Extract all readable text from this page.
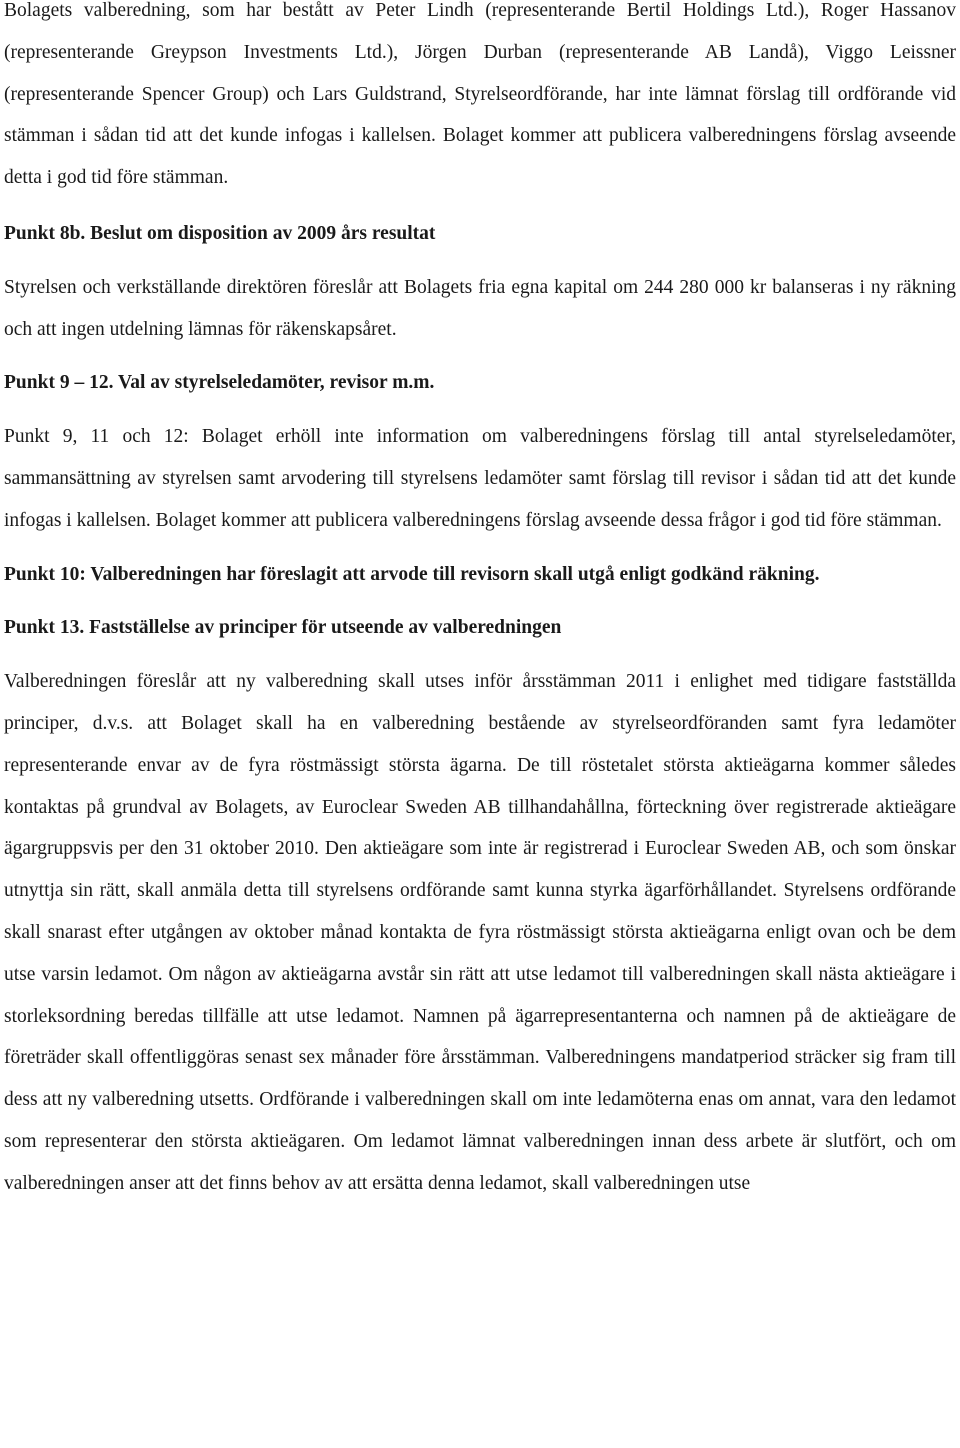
Bolagets valberedning, som har bestått av Peter Lindh (representerande Bertil Holdings Ltd.), Roger Hassanov (representerande Greypson Investments Ltd.), Jörgen Durban (representerande AB Landå), Viggo Leissner (representerande Spencer Group) och Lars Guldstrand, Styrelseordförande, har inte lämnat förslag till ordförande vid stämman i sådan tid att det kunde infogas i kallelsen. Bolaget kommer att publicera valberedningens förslag avseende detta i god tid före stämman.

Punkt 8b. Beslut om disposition av 2009 års resultat

Styrelsen och verkställande direktören föreslår att Bolagets fria egna kapital om 244 280 000 kr balanseras i ny räkning och att ingen utdelning lämnas för räkenskapsåret.

Punkt 9 – 12. Val av styrelseledamöter, revisor m.m.

Punkt 9, 11 och 12: Bolaget erhöll inte information om valberedningens förslag till antal styrelseledamöter, sammansättning av styrelsen samt arvodering till styrelsens ledamöter samt förslag till revisor i sådan tid att det kunde infogas i kallelsen. Bolaget kommer att publicera valberedningens förslag avseende dessa frågor i god tid före stämman.

Punkt 10: Valberedningen har föreslagit att arvode till revisorn skall utgå enligt godkänd räkning.

Punkt 13. Fastställelse av principer för utseende av valberedningen

Valberedningen föreslår att ny valberedning skall utses inför årsstämman 2011 i enlighet med tidigare fastställda principer, d.v.s. att Bolaget skall ha en valberedning bestående av styrelseordföranden samt fyra ledamöter representerande envar av de fyra röstmässigt största ägarna. De till röstetalet största aktieägarna kommer således kontaktas på grundval av Bolagets, av Euroclear Sweden AB tillhandahållna, förteckning över registrerade aktieägare ägargruppsvis per den 31 oktober 2010. Den aktieägare som inte är registrerad i Euroclear Sweden AB, och som önskar utnyttja sin rätt, skall anmäla detta till styrelsens ordförande samt kunna styrka ägarförhållandet. Styrelsens ordförande skall snarast efter utgången av oktober månad kontakta de fyra röstmässigt största aktieägarna enligt ovan och be dem utse varsin ledamot. Om någon av aktieägarna avstår sin rätt att utse ledamot till valberedningen skall nästa aktieägare i storleksordning beredas tillfälle att utse ledamot. Namnen på ägarrepresentanterna och namnen på de aktieägare de företräder skall offentliggöras senast sex månader före årsstämman. Valberedningens mandatperiod sträcker sig fram till dess att ny valberedning utsetts. Ordförande i valberedningen skall om inte ledamöterna enas om annat, vara den ledamot som representerar den största aktieägaren. Om ledamot lämnat valberedningen innan dess arbete är slutfört, och om valberedningen anser att det finns behov av att ersätta denna ledamot, skall valberedningen utse
